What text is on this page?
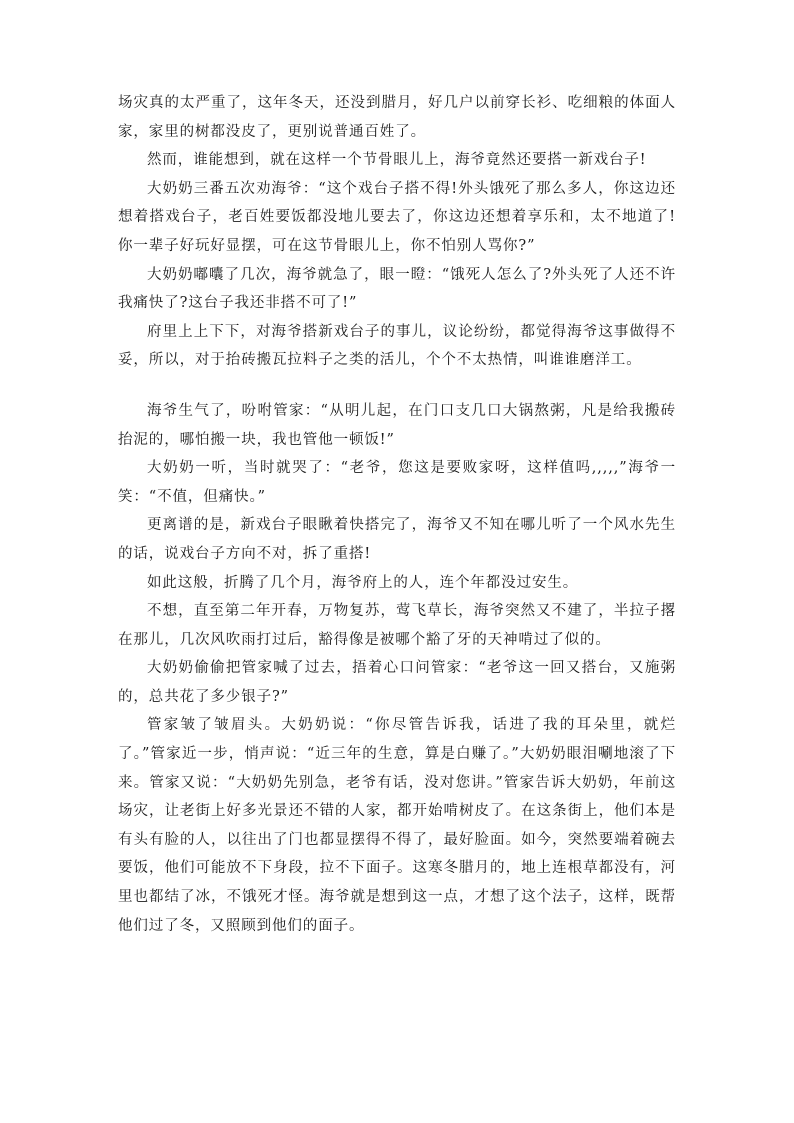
场灾真的太严重了，这年冬天，还没到腊月，好几户以前穿长衫、吃细粮的体面人家，家里的树都没皮了，更别说普通百姓了。

然而，谁能想到，就在这样一个节骨眼儿上，海爷竟然还要搭一新戏台子!

大奶奶三番五次劝海爷：“这个戏台子搭不得!外头饿死了那么多人，你这边还想着搭戏台子，老百姓要饭都没地儿要去了，你这边还想着享乐和，太不地道了!你一辈子好玩好显摆，可在这节骨眼儿上，你不怕别人骂你?”

大奶奶嘟囔了几次，海爷就急了，眼一瞪：“饿死人怎么了?外头死了人还不许我痛快了?这台子我还非搭不可了!”

府里上上下下，对海爷搭新戏台子的事儿，议论纷纷，都觉得海爷这事做得不妥，所以，对于抬砖搬瓦拉料子之类的活儿，个个不太热情，叫谁谁磨洋工。

海爷生气了，吩咐管家：“从明儿起，在门口支几口大锅熬粥，凡是给我搬砖抬泥的，哪怕搬一块，我也管他一顿饭!”

大奶奶一听，当时就哭了：“老爷，您这是要败家呀，这样值吗,,,,,”海爷一笑：“不值，但痛快。”

更离谱的是，新戏台子眼瞅着快搭完了，海爷又不知在哪儿听了一个风水先生的话，说戏台子方向不对，拆了重搭!

如此这般，折腾了几个月，海爷府上的人，连个年都没过安生。

不想，直至第二年开春，万物复苏，莺飞草长，海爷突然又不建了，半拉子撂在那儿，几次风吹雨打过后，豁得像是被哪个豁了牙的天神啃过了似的。

大奶奶偷偷把管家喊了过去，捂着心口问管家：“老爷这一回又搭台，又施粥的，总共花了多少银子?”

管家皱了皱眉头。大奶奶说：“你尽管告诉我，话进了我的耳朵里，就烂了。”管家近一步，悄声说：“近三年的生意，算是白赚了。”大奶奶眼泪唰地滚了下来。管家又说：“大奶奶先别急，老爷有话，没对您讲。”管家告诉大奶奶，年前这场灾，让老街上好多光景还不错的人家，都开始啃树皮了。在这条街上，他们本是有头有脸的人，以往出了门也都显摆得不得了，最好脸面。如今，突然要端着碗去要饭，他们可能放不下身段，拉不下面子。这寒冬腊月的，地上连根草都没有，河里也都结了冰，不饿死才怪。海爷就是想到这一点，才想了这个法子，这样，既帮他们过了冬，又照顾到他们的面子。
